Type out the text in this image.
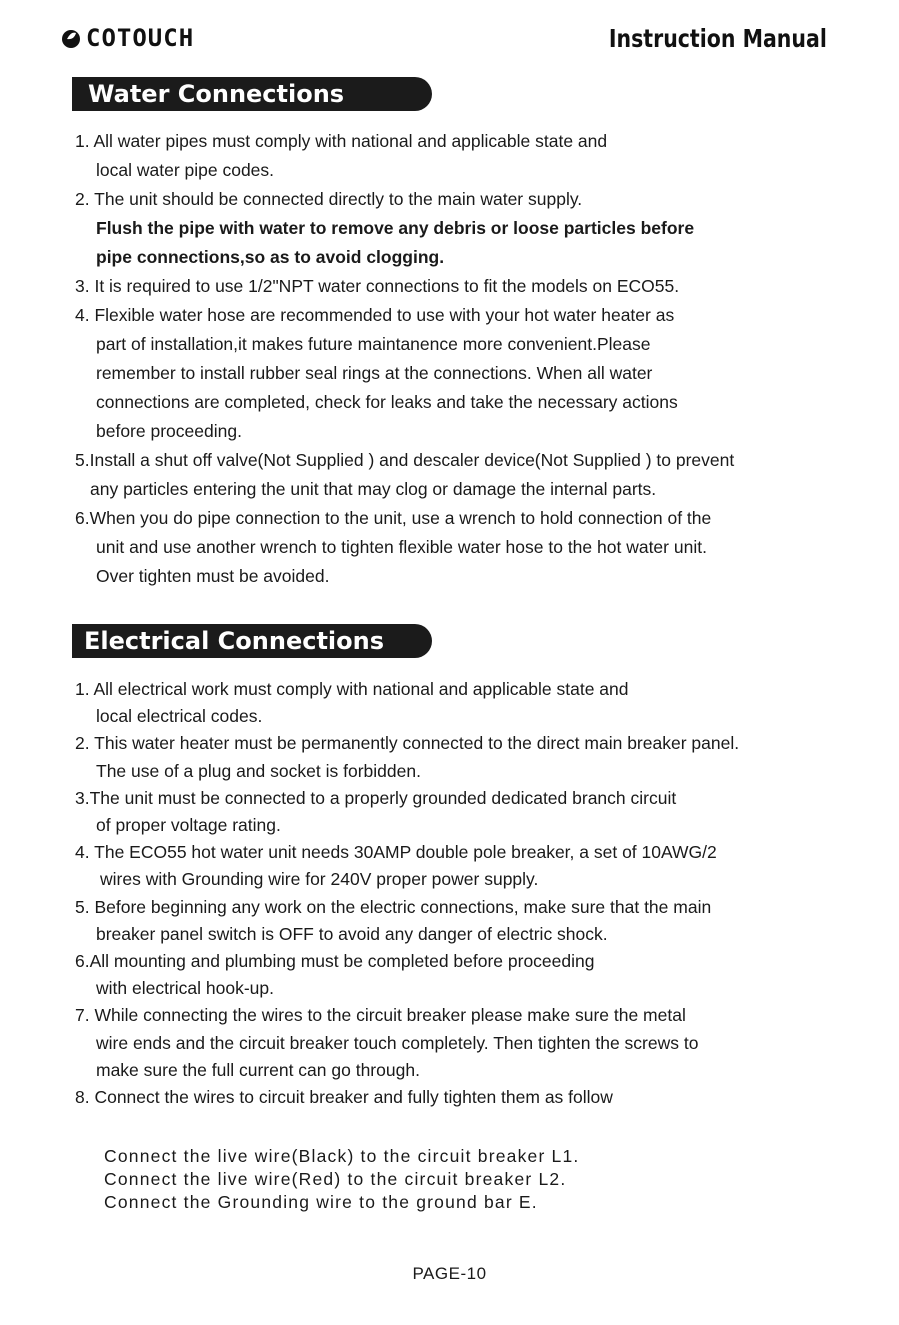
COTOUCH	Instruction Manual
Water Connections

1. All water pipes must comply with national and applicable state and
local water pipe codes.

2. The unit should be connected directly to the main water supply.

Flush the pipe with water to remove any debris or loose particles before
pipe connections,so as to avoid clogging.

3. It is required to use 1/2"NPT water connections to fit the models on ECO55.

4. Flexible water hose are recommended to use with your hot water heater as
part of installation,it makes future maintanence more convenient.Please
remember to install rubber seal rings at the connections. When all water
connections are completed, check for leaks and take the necessary actions
before proceeding.

5.Install a shut off valve(Not Supplied ) and descaler device(Not Supplied ) to prevent
any particles entering the unit that may clog or damage the internal parts.

6.When you do pipe connection to the unit, use a wrench to hold connection of the
unit and use another wrench to tighten flexible water hose to the hot water unit.
Over tighten must be avoided.

Electrical Connections

1. All electrical work must comply with national and applicable state and
local electrical codes.

2. This water heater must be permanently connected to the direct main breaker panel.
The use of a plug and socket is forbidden.

3.The unit must be connected to a properly grounded dedicated branch circuit
of proper voltage rating.

4. The ECO55 hot water unit needs 30AMP double pole breaker, a set of 10AWG/2
wires with Grounding wire for 240V proper power supply.

5. Before beginning any work on the electric connections, make sure that the main
breaker panel switch is OFF to avoid any danger of electric shock.

6.All mounting and plumbing must be completed before proceeding
with electrical hook-up.

7. While connecting the wires to the circuit breaker please make sure the metal
wire ends and the circuit breaker touch completely. Then tighten the screws to
make sure the full current can go through.

8. Connect the wires to circuit breaker and fully tighten them as follow

Connect the live wire(Black) to the circuit breaker L1.
Connect the live wire(Red) to the circuit breaker L2.
Connect the Grounding wire to the ground bar E.
PAGE-10
